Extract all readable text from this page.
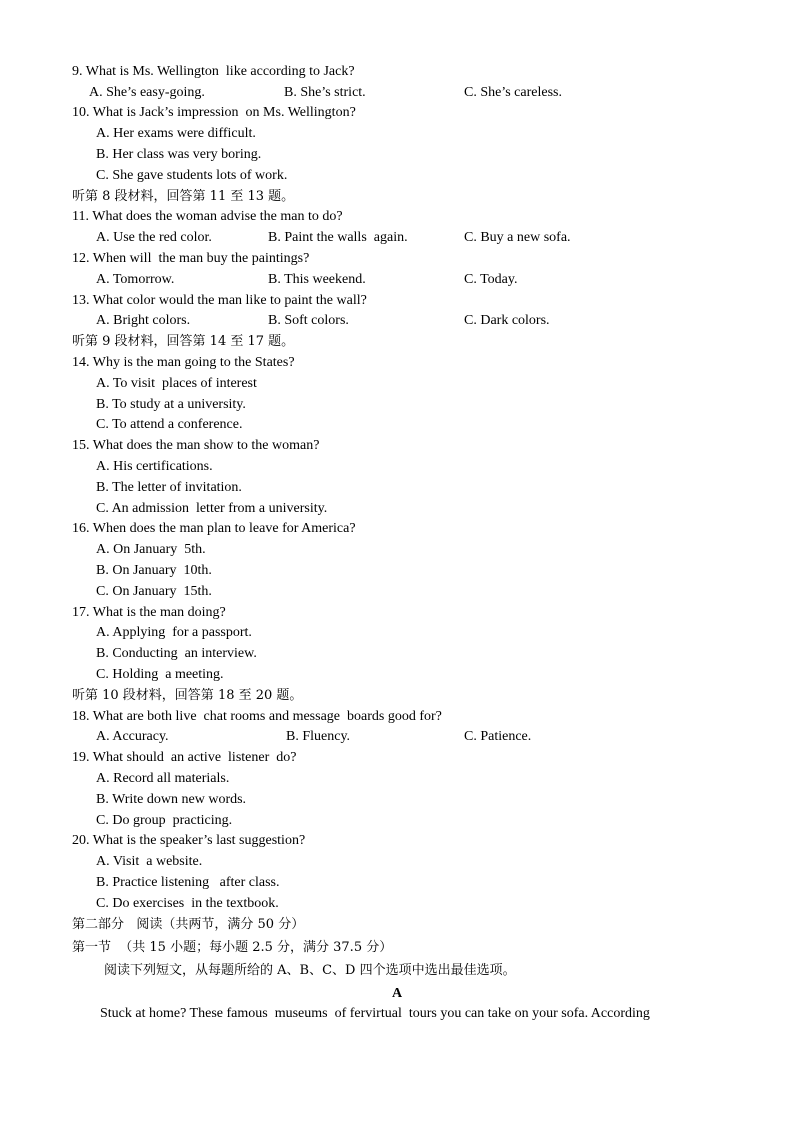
9. What is Ms. Wellington  like according to Jack?
A. She’s easy-going.	B. She’s strict.	C. She’s careless.
10. What is Jack’s impression  on Ms. Wellington?
A. Her exams were difficult.
B. Her class was very boring.
C. She gave students lots of work.
听第 8 段材料，回答第 11 至 13 题。
11. What does the woman advise the man to do?
A. Use the red color.	B. Paint the walls  again.	C. Buy a new sofa.
12. When will  the man buy the paintings?
A. Tomorrow.	B. This weekend.	C. Today.
13. What color would the man like to paint the wall?
A. Bright colors.	B. Soft colors.	C. Dark colors.
听第 9 段材料，回答第 14 至 17 题。
14. Why is the man going to the States?
A. To visit  places of interest
B. To study at a university.
C. To attend a conference.
15. What does the man show to the woman?
A. His certifications.
B. The letter of invitation.
C. An admission  letter from a university.
16. When does the man plan to leave for America?
A. On January  5th.
B. On January  10th.
C. On January  15th.
17. What is the man doing?
A. Applying  for a passport.
B. Conducting  an interview.
C. Holding  a meeting.
听第 10 段材料，回答第 18 至 20 题。
18. What are both live  chat rooms and message  boards good for?
A. Accuracy.	B. Fluency.	C. Patience.
19. What should  an active  listener  do?
A. Record all materials.
B. Write down new words.
C. Do group  practicing.
20. What is the speaker’s last suggestion?
A. Visit  a website.
B. Practice listening   after class.
C. Do exercises  in the textbook.
第二部分   阅读（共两节，满分 50 分）
第一节  （共 15 小题；每小题 2.5 分，满分 37.5 分）
阅读下列短文，从每题所给的 A、B、C、D 四个选项中选出最佳选项。
A
Stuck at home? These famous  museums  of fervirtual  tours you can take on your sofa. According
